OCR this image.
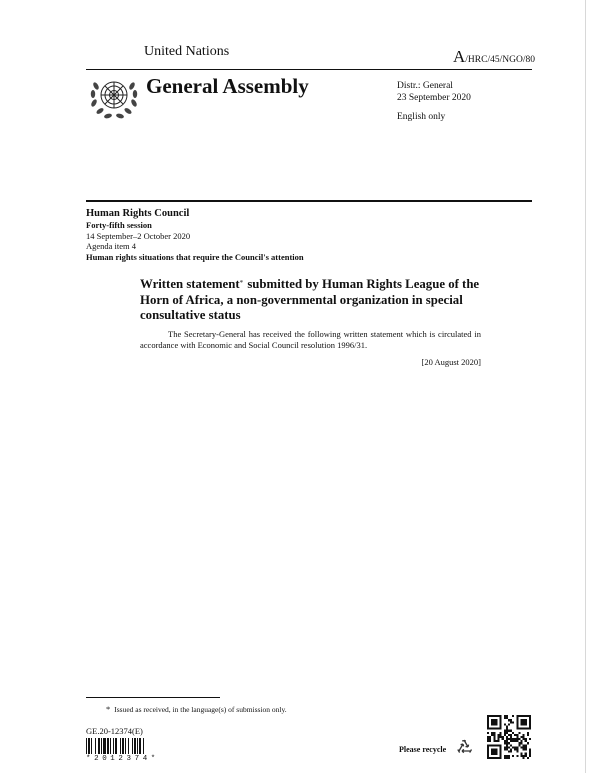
United Nations	A/HRC/45/NGO/80
General Assembly	Distr.: General
23 September 2020
English only
Human Rights Council
Forty-fifth session
14 September–2 October 2020
Agenda item 4
Human rights situations that require the Council's attention
Written statement* submitted by Human Rights League of the Horn of Africa, a non-governmental organization in special consultative status
The Secretary-General has received the following written statement which is circulated in accordance with Economic and Social Council resolution 1996/31.
[20 August 2020]
* Issued as received, in the language(s) of submission only.
GE.20-12374(E)
*2012374*
Please recycle
